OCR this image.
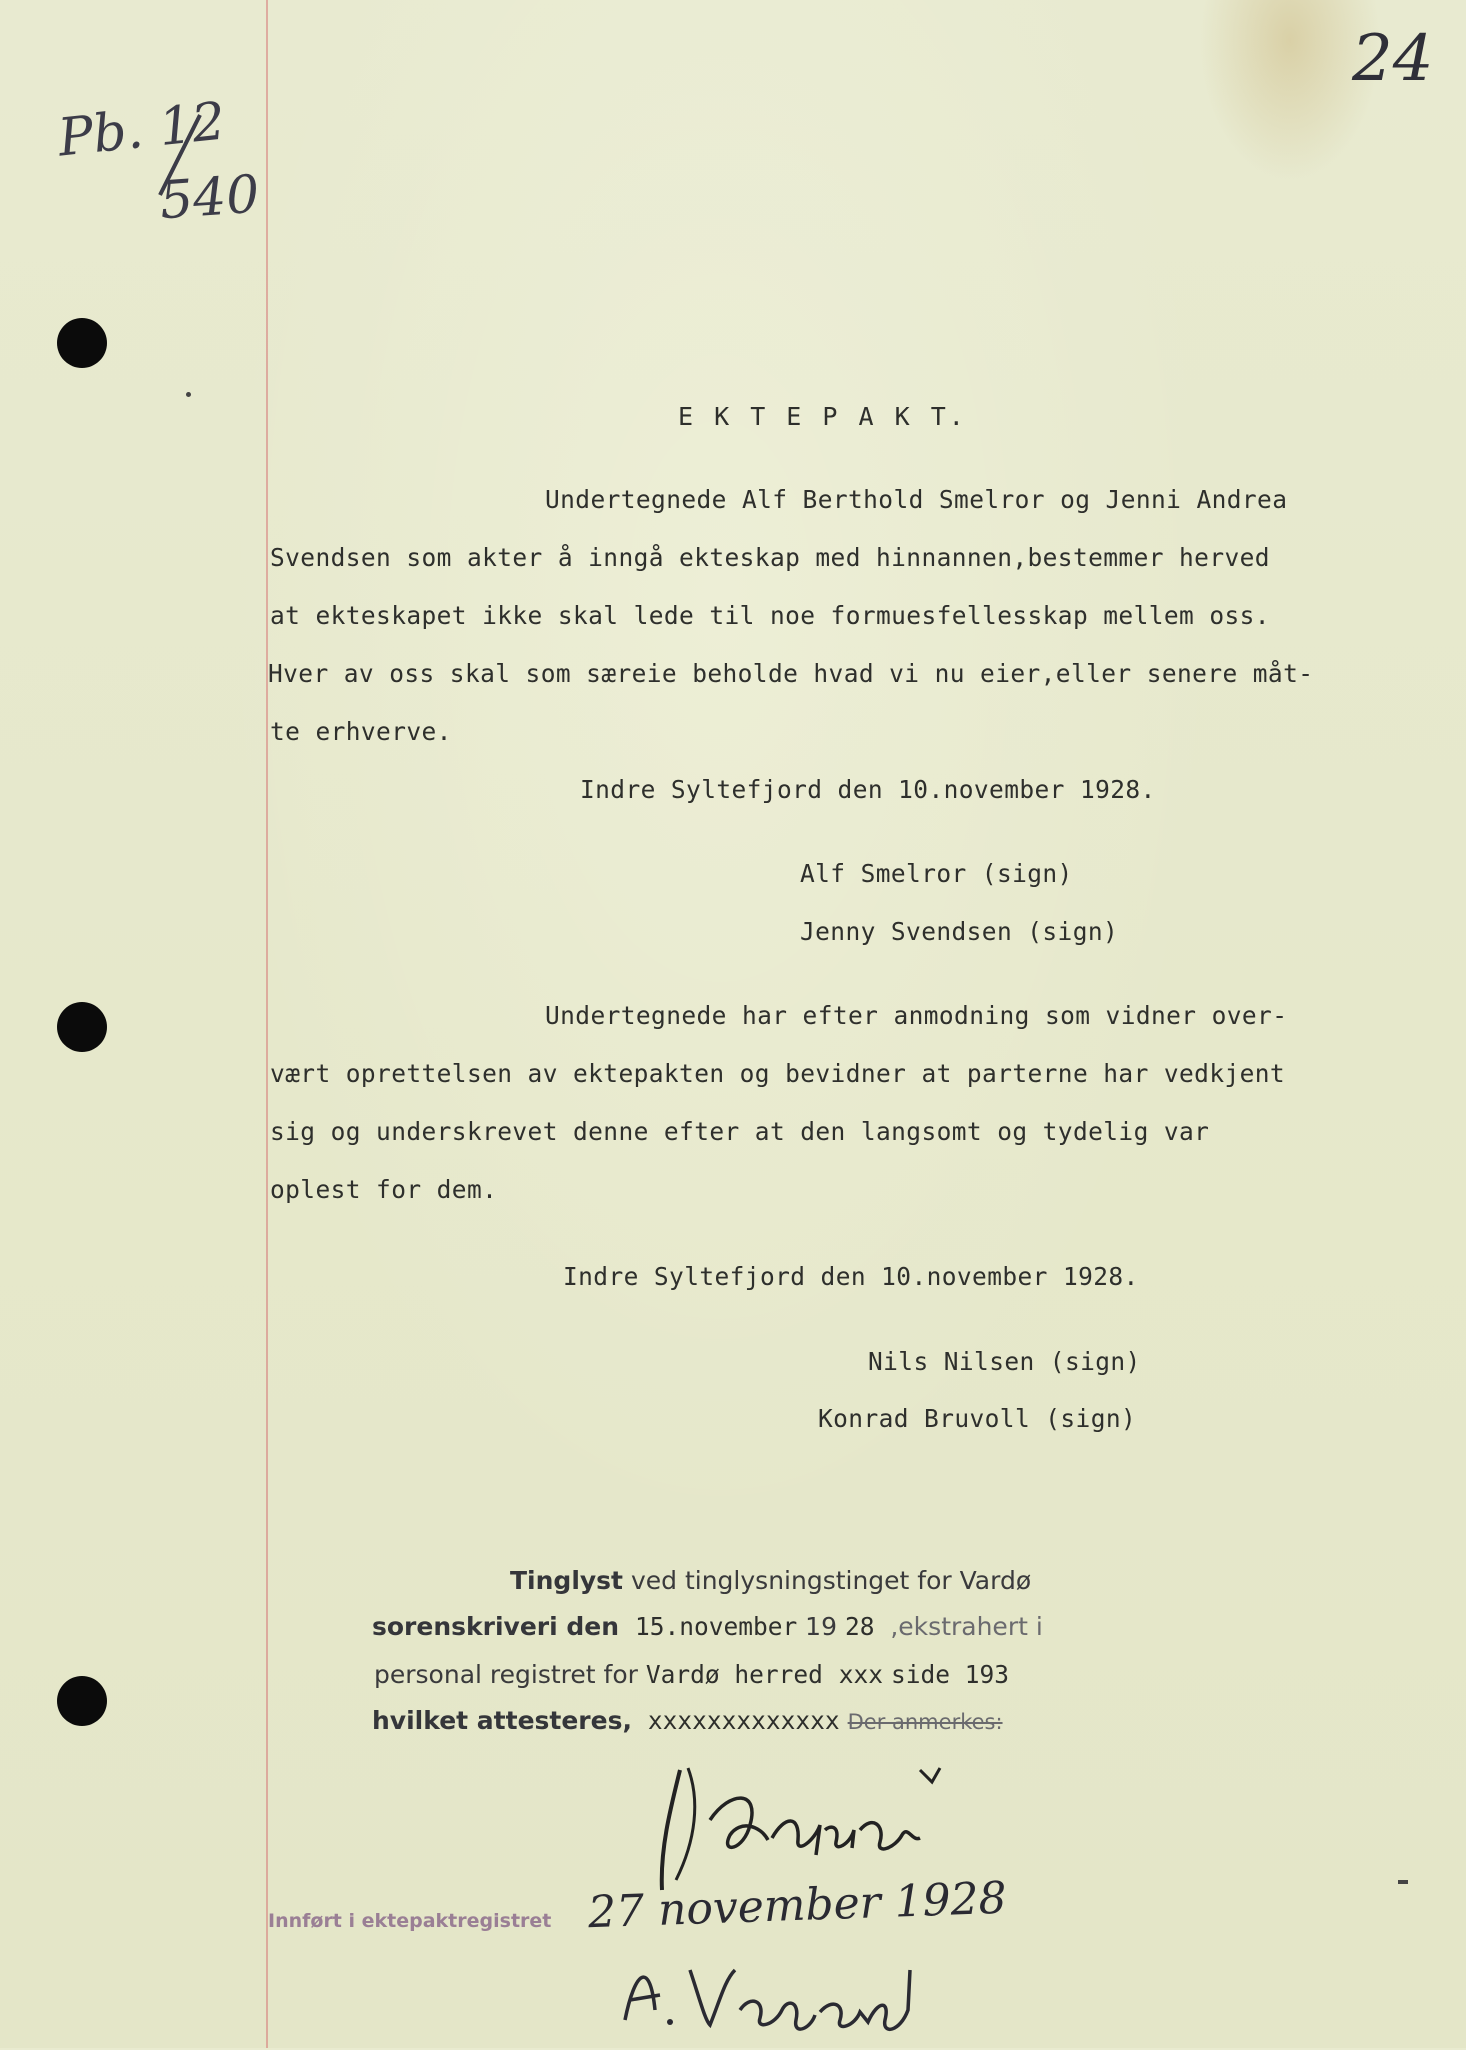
Pb. 12
540
24
E K T E P A K T.
Undertegnede Alf Berthold Smelror og Jenni Andrea
Svendsen som akter å inngå ekteskap med hinnannen,bestemmer herved
at ekteskapet ikke skal lede til noe formuesfellesskap mellem oss.
Hver av oss skal som særeie beholde hvad vi nu eier,eller senere måt-
te erhverve.
Indre Syltefjord den 10.november 1928.
Alf Smelror (sign)
Jenny Svendsen (sign)
Undertegnede har efter anmodning som vidner over-
vært oprettelsen av ektepakten og bevidner at parterne har vedkjent
sig og underskrevet denne efter at den langsomt og tydelig var
oplest for dem.
Indre Syltefjord den 10.november 1928.
Nils Nilsen (sign)
Konrad Bruvoll (sign)
Tinglyst ved tinglysningstinget for Vardø
sorenskriveri den 15.november 19 28 ,ekstrahert i
personal registret for Vardø herred xxx side 193
hvilket attesteres, xxxxxxxxxxxxx Der anmerkes:
Innført i ektepaktregistret 27 november 1928
